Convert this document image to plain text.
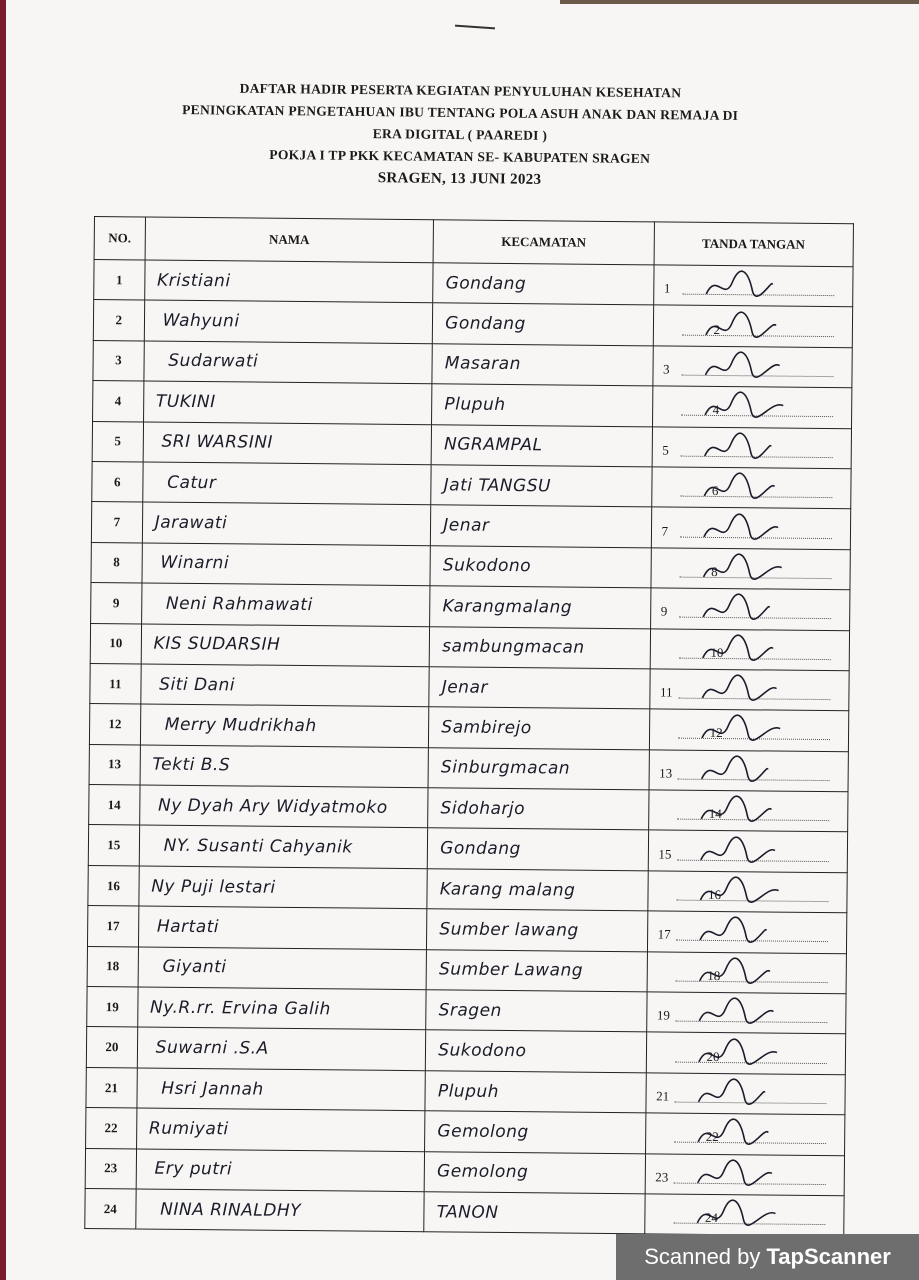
DAFTAR HADIR PESERTA KEGIATAN PENYULUHAN KESEHATAN
PENINGKATAN PENGETAHUAN IBU TENTANG POLA ASUH ANAK DAN REMAJA DI
ERA DIGITAL ( PAAREDI )
POKJA I TP PKK KECAMATAN SE- KABUPATEN SRAGEN
SRAGEN, 13 JUNI 2023
NO.	NAMA	KECAMATAN	TANDA TANGAN
1	Kristiani	Gondang	1

2	Wahyuni	Gondang	2

3	Sudarwati	Masaran	3

4	TUKINI	Plupuh	4

5	SRI WARSINI	NGRAMPAL	5

6	Catur	Jati TANGSU	6

7	Jarawati	Jenar	7

8	Winarni	Sukodono	8

9	Neni Rahmawati	Karangmalang	9

10	KIS SUDARSIH	sambungmacan	10

11	Siti Dani	Jenar	11

12	Merry Mudrikhah	Sambirejo	12

13	Tekti B.S	Sinburgmacan	13

14	Ny Dyah Ary Widyatmoko	Sidoharjo	14

15	NY. Susanti Cahyanik	Gondang	15

16	Ny Puji lestari	Karang malang	16

17	Hartati	Sumber lawang	17

18	Giyanti	Sumber Lawang	18

19	Ny.R.rr. Ervina Galih	Sragen	19

20	Suwarni .S.A	Sukodono	20

21	Hsri Jannah	Plupuh	21

22	Rumiyati	Gemolong	22

23	Ery putri	Gemolong	23

24	NINA RINALDHY	TANON	24
Scanned by TapScanner
